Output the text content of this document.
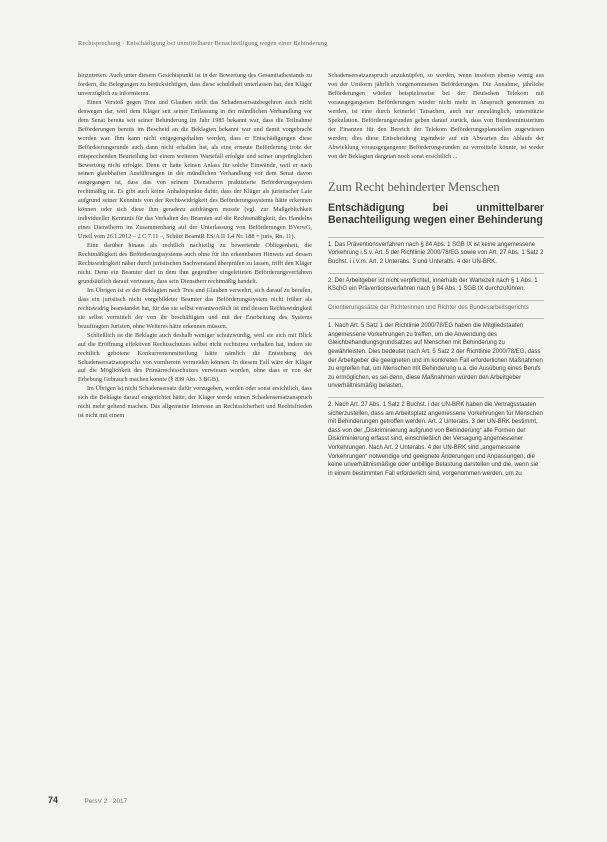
Rechtsprechung · Entschädigung bei unmittelbarer Benachteiligung wegen einer Behinderung

hinzutreten. Auch unter diesem Gesichtspunkt ist in der Bewertung des Gesamttatbestands zu fordern, die Belegungen zu berücksichtigen, dass diese schuldhaft unterlassen hat, den Kläger unverzüglich zu informieren.

Einen Verstoß gegen Treu und Glauben stellt das Schadensersatzbegehren auch nicht deswegen dar, weil dem Kläger seit seiner Entlassung in der mündlichen Verhandlung vor dem Senat bereits seit seiner Behinderung im Jahr 1985 bekannt war, dass die Teilnahme Beförderungen bereits im Bescheid an die Beklagten bekannt war und damit vorgebracht worden war. Ihm kann nicht entgegengehalten werden, dass er Entschädigungen diese Befördeerungsrunde auch dann nicht erhalten hat, als eine erneute Beförderung trotz der entsprechenden Beurteilung bei einem weiteren Wartefall erfolgte und seiner ursprünglichen Bewertung nicht erfolgte. Denn er hatte keinen Anlass für solche Einwände, weil er nach seinen glaubhaften Ausführungen in der mündlichen Verhandlung vor dem Senat davon ausgegangen ist, dass das von seinem Dienstherrn praktizierte Beförderungssystem rechtmäßig ist. Es gibt auch keine Anhaltspunkte dafür, dass der Kläger als juristischer Laie aufgrund seiner Kenntnis von der Rechtswidrigkeit des Beförderungssystems hätte erkennen können oder sich diese ihm geradezu aufdrängen musste (vgl. zur Maßgeblichkeit individueller Kenntnis für das Verhalten des Beamten auf die Rechtsmäßigkeit, des Handelns eines Dienstherrn im Zusammenhang auf der Unterlassung von Beförderungen BVerwG, Urteil vom 26.1.2012 – 2 C 7.11 –, Schütz BeamtR ES/A II 1.4 Nr. 188 = juris, Rn. 11).

Eine darüber hinaus als rechtlich nachteilig zu bewertende Obliegenheit, die Rechtmäßigkeit des Beförderungssystems auch ohne für ihn erkennbaren Hinweis auf dessen Rechtswidrigkeit näher durch juristischen Sachverstand überprüfen zu lassen, trifft den Kläger nicht. Denn ein Beamter darf in dem ihm gegenüber eingeleiteten Beförderungsverfahren grundsätzlich darauf vertrauen, dass sein Dienstherr rechtmäßig handelt.

Im Übrigen ist es der Beklagten nach Treu und Glauben verwehrt, sich darauf zu berufen, dass ein juristisch nicht vorgebildeter Beamter das Beförderungssystem nicht früher als rechtswidrig beanstandet hat, für das sie selbst verantwortlich ist und dessen Rechtswidrigkeit sie selbst vermittelt der von ihr beschäftigten und mit der Erarbeitung des Systems beauftragten Juristen, ohne Weiteres hätte erkennen müssen.

Schließlich ist die Beklagte auch deshalb weniger schutzwürdig, weil sie sich mit Blick auf die Eröffnung effektiven Rechtsschutzes selbst nicht rechtstreu verhalten hat, indem sie rechtlich gebotene Konkurrentenmitteilung hätte nämlich die Entstehung des Schadensersatzanspruchs von vornherein vermeiden können. In diesem Fall wäre der Kläger auf die Möglichkeit des Primärrechtsschutzes verwiesen worden, ohne dass er von der Erhebung Gebrauch machen konnte (§ 839 Abs. 3 BGB).

Im Übrigen ist nicht Schadensersatz dafür vorzugeben, worden oder sonst ersichtlich, dass sich die Beklagte darauf eingerichtet hätte, der Kläger werde seinen Schadensersatzanspruch nicht mehr geltend machen. Das allgemeine Interesse an Rechtssicherheit und Rechtsfrieden ist nicht mit einem

Schadensersatzanspruch anzuknüpfen, so werden, wenn insofern ebenso wenig aus von der Uniform jährlich vorgenommenen Beförderungen. Die Annahme, jährliche Beförderungen würden beispielsweise bei der Deutschen Telekom mit vorausgegangenen Beförderungen wieder nicht mehr in Anspruch genommen zu werden, ist eine durch keinerlei Tatsachen, auch nur unzulänglich, unterstützte Spekulation. Beförderungsrunden geben darauf zurück, dass von Bundesministerium der Finanzen für den Bereich der Telekom Beförderungsplanstellen zugewiesen werden; dies diese Entscheidung irgendwie auf ein Abwarten des Ablaufs der Abwicklung vorausgegangener Beförderungsrunden zu vermitteln könnte, ist weder von der Beklagten dargetan noch sonst ersichtlich ...

Zum Recht behinderter Menschen
Entschädigung bei unmittelbarer Benachteiligung wegen einer Behinderung
1. Das Präventionsverfahren nach § 84 Abs. 1 SGB IX ist keine angemessene Vorkehrung i.S.v. Art. 5 der Richtlinie 2000/78/EG sowie von Art. 27 Abs. 1 Satz 2 Buchst. i i.V.m. Art. 2 Unterabs. 3 und Unterabs. 4 der UN-BRK.
2. Der Arbeitgeber ist nicht verpflichtet, innerhalb der Wartezeit nach § 1 Abs. 1 KSchG ein Präventionsverfahren nach § 84 Abs. 1 SGB IX durchzuführen.
Orientierungssätze der Richterinnen und Richter des Bundesarbeitsgerichts
1. Nach Art. 5 Satz 1 der Richtlinie 2000/78/EG haben die Mitgliedstaaten angemessene Vorkehrungen zu treffen, um die Anwendung des Gleichbehandlungsgrundsatzes auf Menschen mit Behinderung zu gewährleisten. Dies bedeutet nach Art. 5 Satz 2 der Richtlinie 2000/78/EG, dass der Arbeitgeber die geeigneten und im konkreten Fall erforderlichen Maßnahmen zu ergreifen hat, um Menschen mit Behinderung u.a. die Ausübung eines Berufs zu ermöglichen, es sei denn, diese Maßnahmen würden den Arbeitgeber unverhältnismäßig belasten.
2. Nach Art. 27 Abs. 1 Satz 2 Buchst. i der UN-BRK haben die Vertragsstaaten sicherzustellen, dass am Arbeitsplatz angemessene Vorkehrungen für Menschen mit Behinderungen getroffen werden. Art. 2 Unterabs. 3 der UN-BRK bestimmt, dass von der „Diskriminierung aufgrund von Behinderung“ alle Formen der Diskriminierung erfasst sind, einschließlich der Versagung angemessener Vorkehrungen. Nach Art. 2 Unterabs. 4 der UN-BRK sind „angemessene Vorkehrungen“ notwendige und geeignete Änderungen und Anpassungen, die keine unverhältnismäßige oder unbillige Belastung darstellen und die, wenn sie in einem bestimmten Fall erforderlich sind, vorgenommen werden, um zu
74	PersV 2 · 2017
